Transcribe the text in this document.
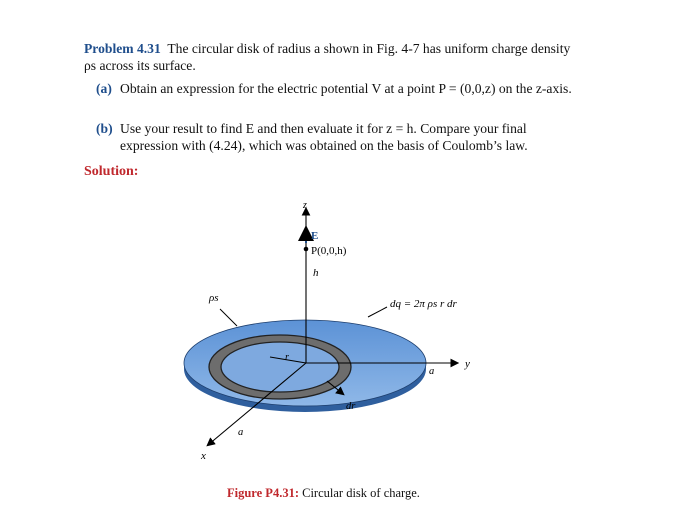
Problem 4.31 The circular disk of radius a shown in Fig. 4-7 has uniform charge density ρs across its surface.
(a) Obtain an expression for the electric potential V at a point P = (0,0,z) on the z-axis.
(b) Use your result to find E and then evaluate it for z = h. Compare your final expression with (4.24), which was obtained on the basis of Coulomb’s law.
Solution:
z
y
x
E
P(0,0,h)
h
ρs	dq = 2π ρs r dr
r
dr
a
a
Figure P4.31: Circular disk of charge.
